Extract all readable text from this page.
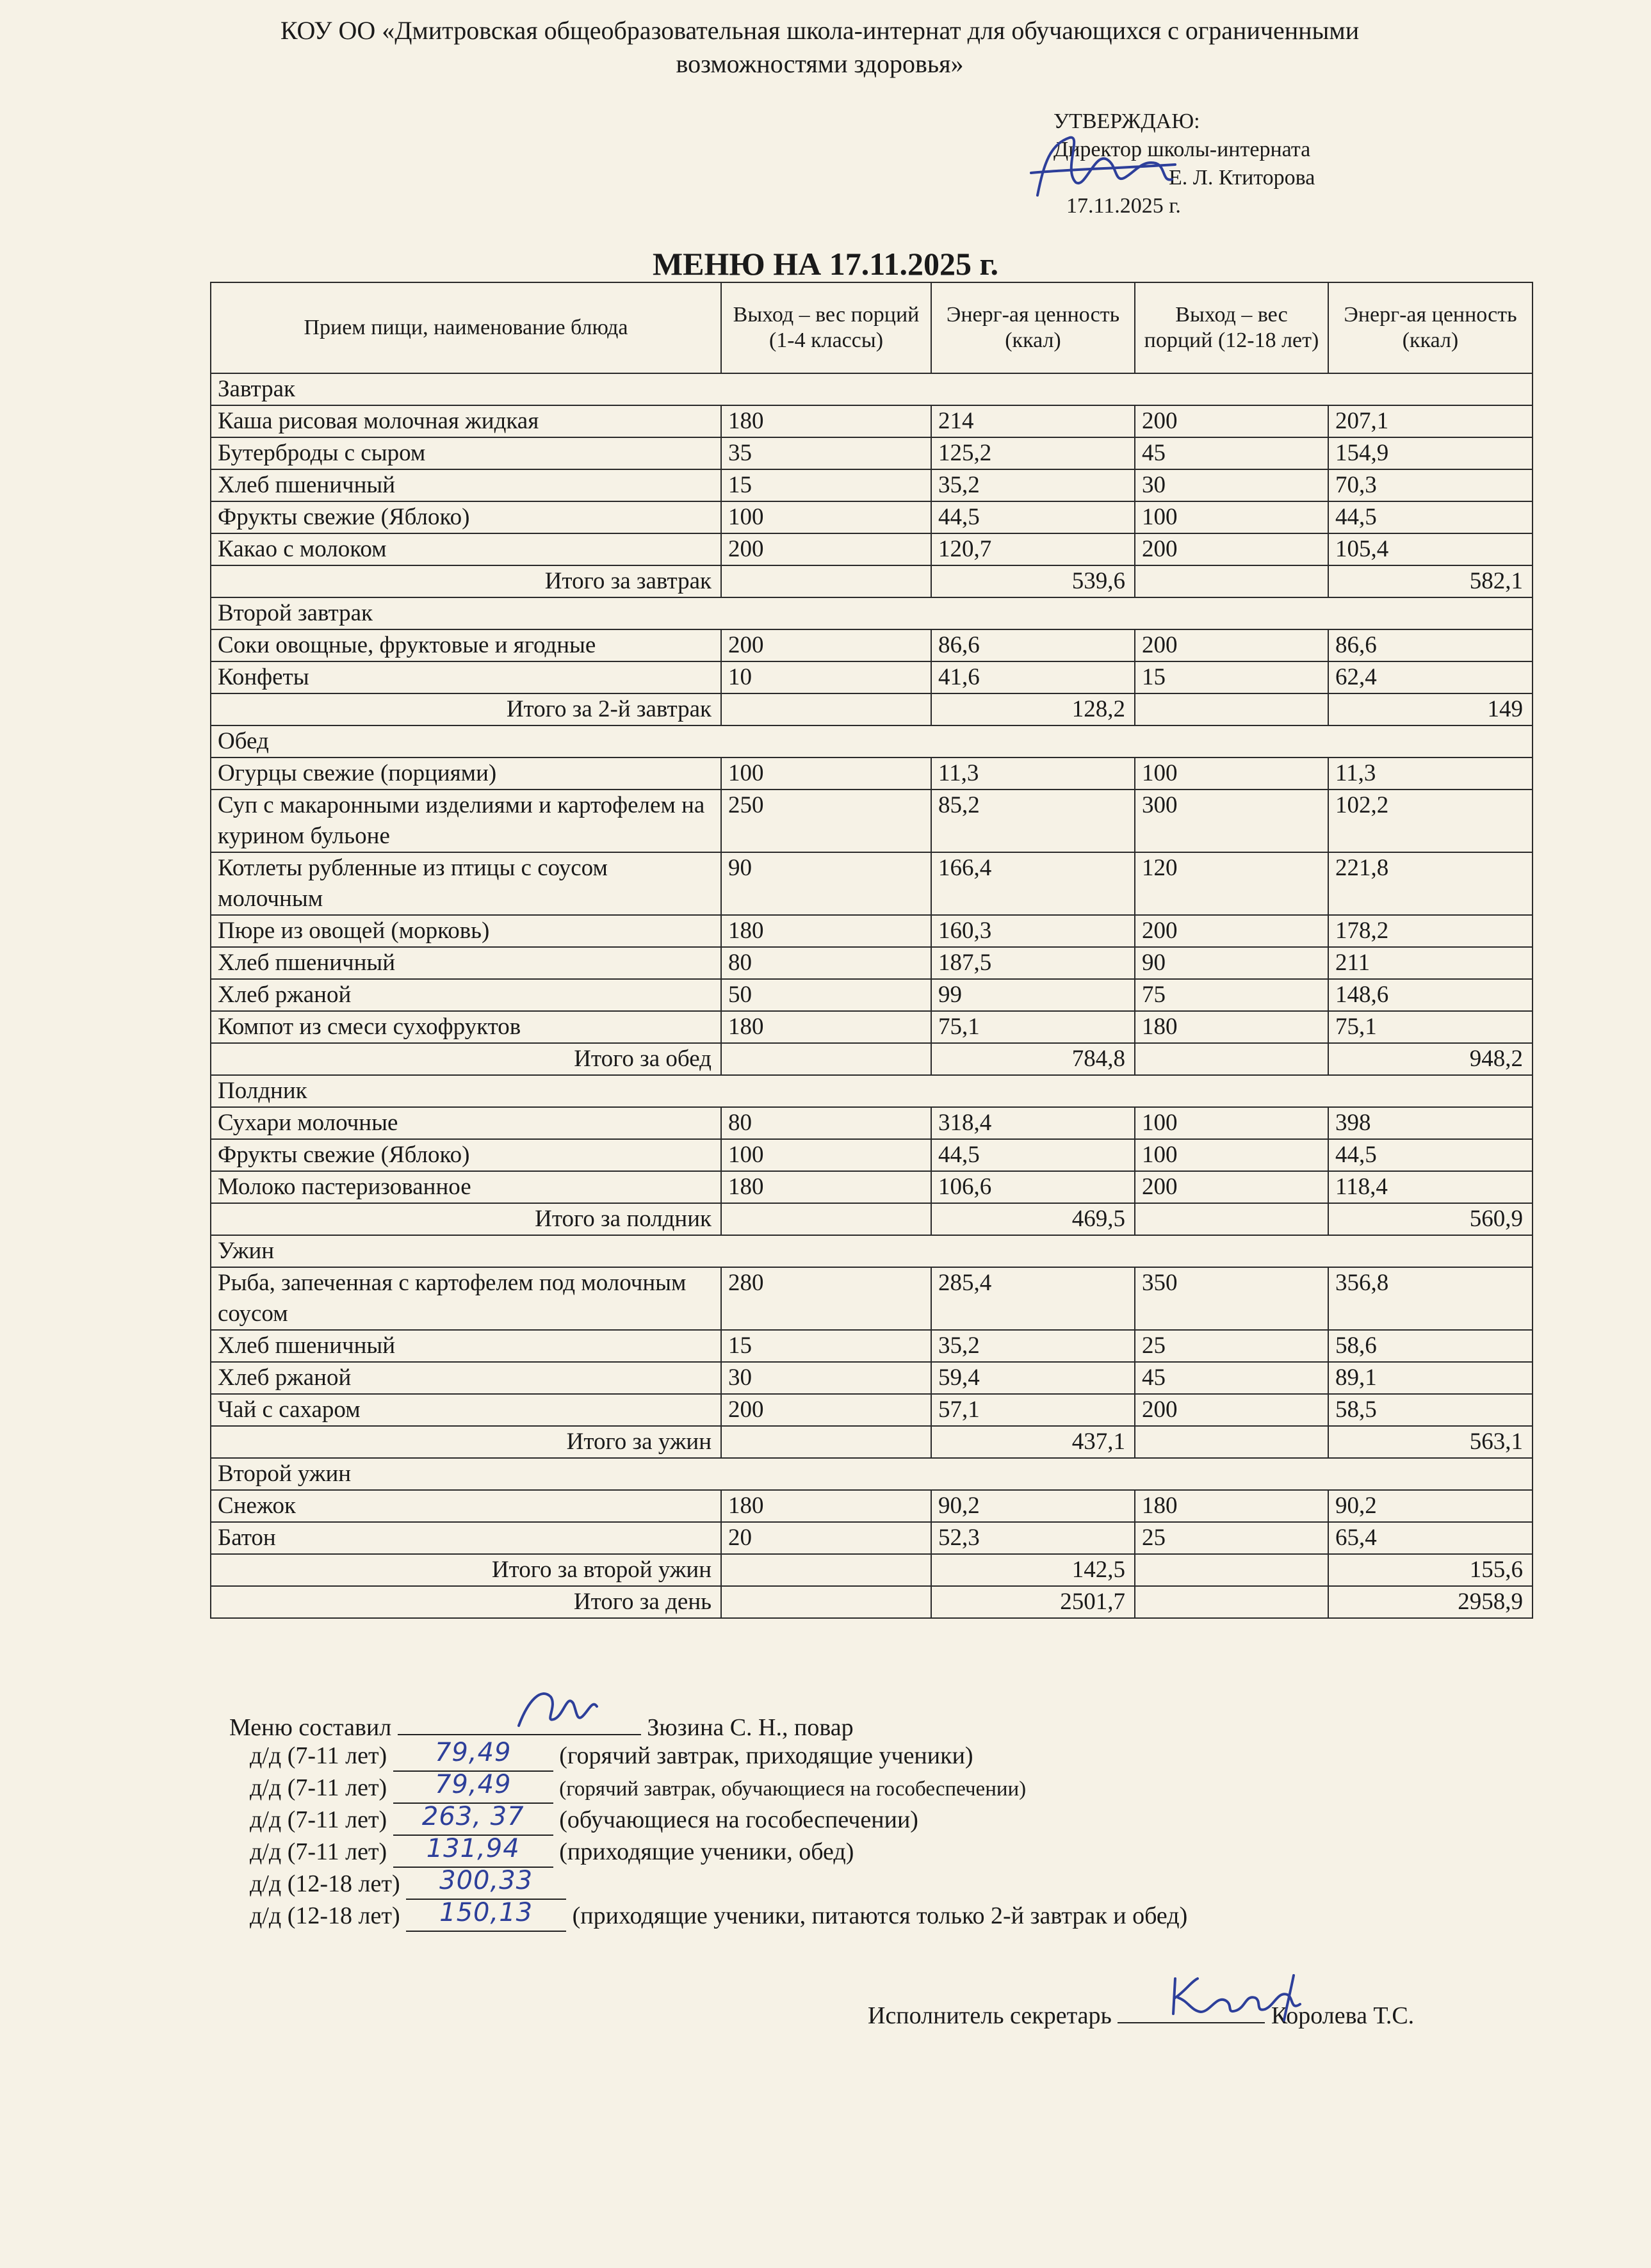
КОУ ОО «Дмитровская общеобразовательная школа-интернат для обучающихся с ограниченными
возможностями здоровья»
УТВЕРЖДАЮ:
Директор школы-интерната
Е. Л. Ктиторова
17.11.2025 г.
МЕНЮ НА 17.11.2025 г.
Прием пищи, наименование блюда	Выход – вес порций (1-4 классы)	Энерг-ая ценность (ккал)	Выход – вес порций (12-18 лет)	Энерг-ая ценность (ккал)
Завтрак				
Каша рисовая молочная жидкая	180	214	200	207,1
Бутерброды с сыром	35	125,2	45	154,9
Хлеб пшеничный	15	35,2	30	70,3
Фрукты свежие (Яблоко)	100	44,5	100	44,5
Какао с молоком	200	120,7	200	105,4
Итого за завтрак		539,6		582,1
Второй завтрак				
Соки овощные, фруктовые и ягодные	200	86,6	200	86,6
Конфеты	10	41,6	15	62,4
Итого за 2-й завтрак		128,2		149
Обед				
Огурцы свежие (порциями)	100	11,3	100	11,3
Суп с макаронными изделиями и картофелем на курином бульоне	250	85,2	300	102,2
Котлеты рубленные из птицы с соусом молочным	90	166,4	120	221,8
Пюре из овощей (морковь)	180	160,3	200	178,2
Хлеб пшеничный	80	187,5	90	211
Хлеб ржаной	50	99	75	148,6
Компот из смеси сухофруктов	180	75,1	180	75,1
Итого за обед		784,8		948,2
Полдник				
Сухари молочные	80	318,4	100	398
Фрукты свежие (Яблоко)	100	44,5	100	44,5
Молоко пастеризованное	180	106,6	200	118,4
Итого за полдник		469,5		560,9
Ужин				
Рыба, запеченная с картофелем под молочным соусом	280	285,4	350	356,8
Хлеб пшеничный	15	35,2	25	58,6
Хлеб ржаной	30	59,4	45	89,1
Чай с сахаром	200	57,1	200	58,5
Итого за ужин		437,1		563,1
Второй ужин				
Снежок	180	90,2	180	90,2
Батон	20	52,3	25	65,4
Итого за второй ужин		142,5		155,6
Итого за день		2501,7		2958,9
Меню составил	Зюзина С. Н., повар
д/д (7-11 лет) 79,49 (горячий завтрак, приходящие ученики)
д/д (7-11 лет) 79,49 (горячий завтрак, обучающиеся на гособеспечении)
д/д (7-11 лет) 263, 37 (обучающиеся на гособеспечении)
д/д (7-11 лет) 131,94 (приходящие ученики, обед)
д/д (12-18 лет) 300,33
д/д (12-18 лет) 150,13 (приходящие ученики, питаются только 2-й завтрак и обед)
Исполнитель секретарь	Королева Т.С.
